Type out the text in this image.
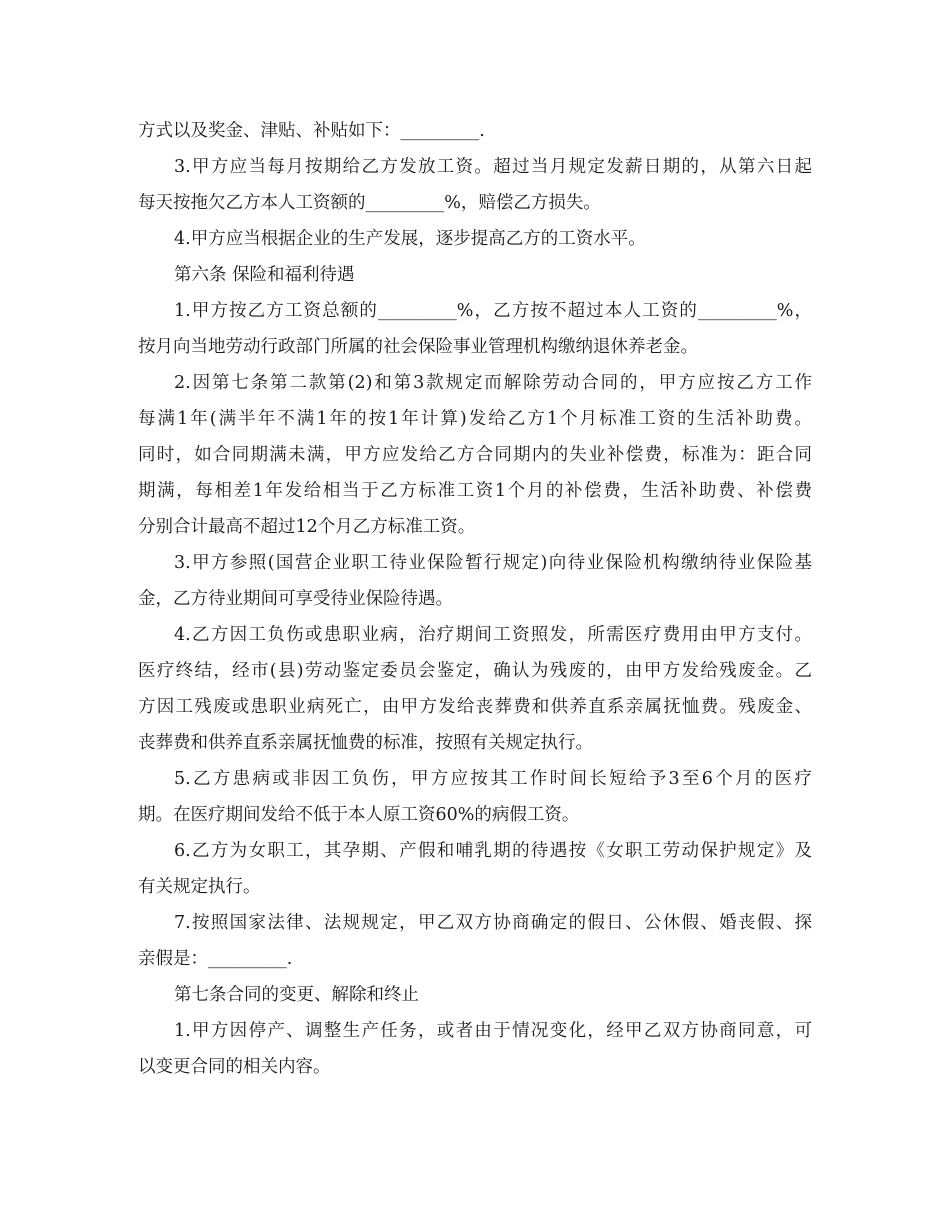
方式以及奖金、津贴、补贴如下：_________.
3.甲方应当每月按期给乙方发放工资。超过当月规定发薪日期的，从第六日起
每天按拖欠乙方本人工资额的_________%，赔偿乙方损失。
4.甲方应当根据企业的生产发展，逐步提高乙方的工资水平。
第六条 保险和福利待遇
1.甲方按乙方工资总额的_________%，乙方按不超过本人工资的_________%，
按月向当地劳动行政部门所属的社会保险事业管理机构缴纳退休养老金。
2.因第七条第二款第(2)和第3款规定而解除劳动合同的，甲方应按乙方工作
每满1年(满半年不满1年的按1年计算)发给乙方1个月标准工资的生活补助费。
同时，如合同期满未满，甲方应发给乙方合同期内的失业补偿费，标准为：距合同
期满，每相差1年发给相当于乙方标准工资1个月的补偿费，生活补助费、补偿费
分别合计最高不超过12个月乙方标准工资。
3.甲方参照(国营企业职工待业保险暂行规定)向待业保险机构缴纳待业保险基
金，乙方待业期间可享受待业保险待遇。
4.乙方因工负伤或患职业病，治疗期间工资照发，所需医疗费用由甲方支付。
医疗终结，经市(县)劳动鉴定委员会鉴定，确认为残废的，由甲方发给残废金。乙
方因工残废或患职业病死亡，由甲方发给丧葬费和供养直系亲属抚恤费。残废金、
丧葬费和供养直系亲属抚恤费的标准，按照有关规定执行。
5.乙方患病或非因工负伤，甲方应按其工作时间长短给予3至6个月的医疗
期。在医疗期间发给不低于本人原工资60%的病假工资。
6.乙方为女职工，其孕期、产假和哺乳期的待遇按《女职工劳动保护规定》及
有关规定执行。
7.按照国家法律、法规规定，甲乙双方协商确定的假日、公休假、婚丧假、探
亲假是：_________.
第七条合同的变更、解除和终止
1.甲方因停产、调整生产任务，或者由于情况变化，经甲乙双方协商同意，可
以变更合同的相关内容。
